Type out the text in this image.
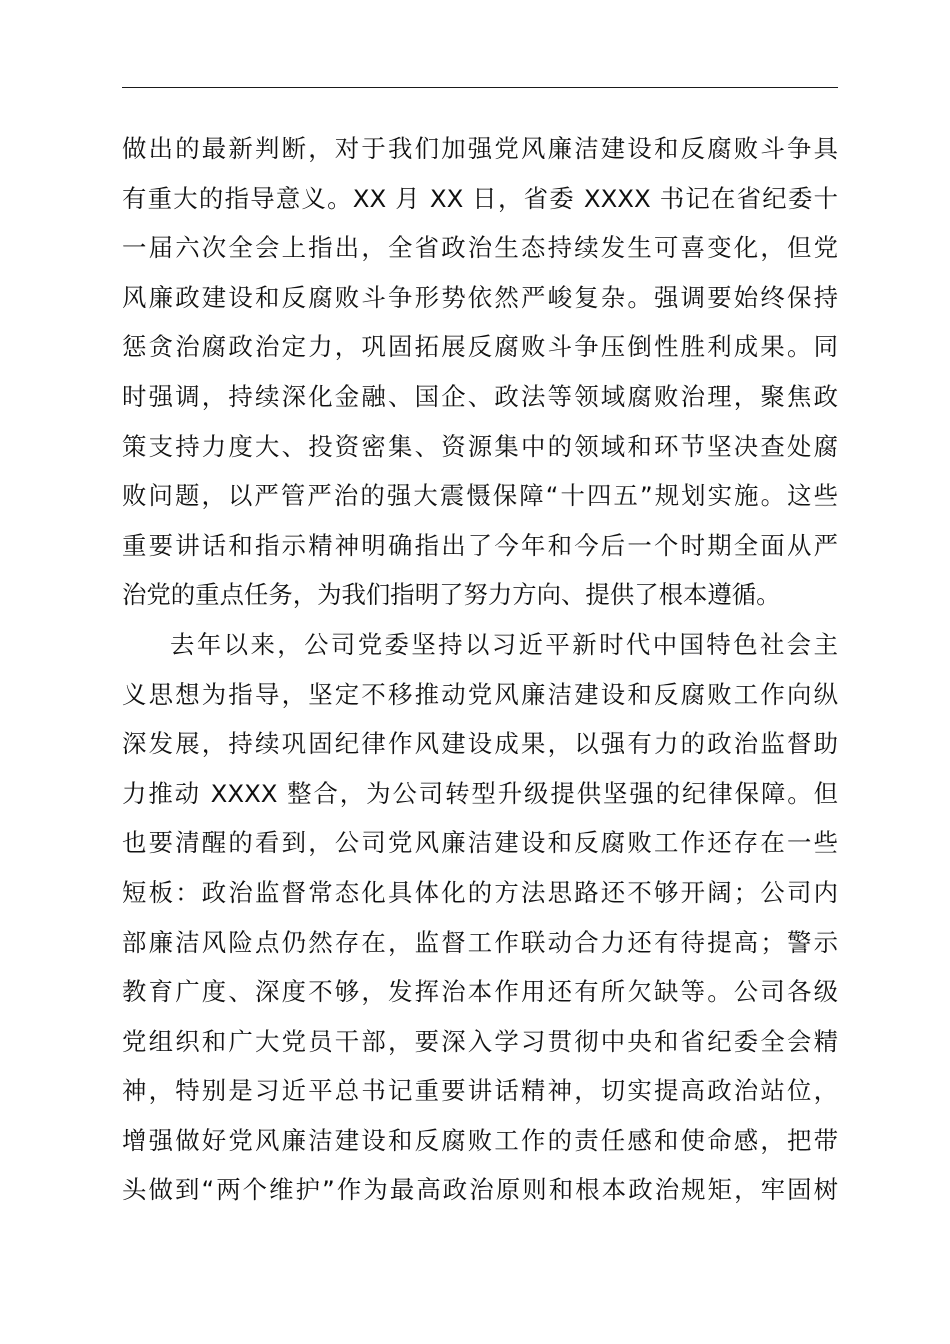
做出的最新判断，对于我们加强党风廉洁建设和反腐败斗争具
有重大的指导意义。XX 月 XX 日，省委 XXXX 书记在省纪委十
一届六次全会上指出，全省政治生态持续发生可喜变化，但党
风廉政建设和反腐败斗争形势依然严峻复杂。强调要始终保持
惩贪治腐政治定力，巩固拓展反腐败斗争压倒性胜利成果。同
时强调，持续深化金融、国企、政法等领域腐败治理，聚焦政
策支持力度大、投资密集、资源集中的领域和环节坚决查处腐
败问题，以严管严治的强大震慑保障“十四五”规划实施。这些
重要讲话和指示精神明确指出了今年和今后一个时期全面从严
治党的重点任务，为我们指明了努力方向、提供了根本遵循。
去年以来，公司党委坚持以习近平新时代中国特色社会主
义思想为指导，坚定不移推动党风廉洁建设和反腐败工作向纵
深发展，持续巩固纪律作风建设成果，以强有力的政治监督助
力推动 XXXX 整合，为公司转型升级提供坚强的纪律保障。但
也要清醒的看到，公司党风廉洁建设和反腐败工作还存在一些
短板：政治监督常态化具体化的方法思路还不够开阔；公司内
部廉洁风险点仍然存在，监督工作联动合力还有待提高；警示
教育广度、深度不够，发挥治本作用还有所欠缺等。公司各级
党组织和广大党员干部，要深入学习贯彻中央和省纪委全会精
神，特别是习近平总书记重要讲话精神，切实提高政治站位，
增强做好党风廉洁建设和反腐败工作的责任感和使命感，把带
头做到“两个维护”作为最高政治原则和根本政治规矩，牢固树
